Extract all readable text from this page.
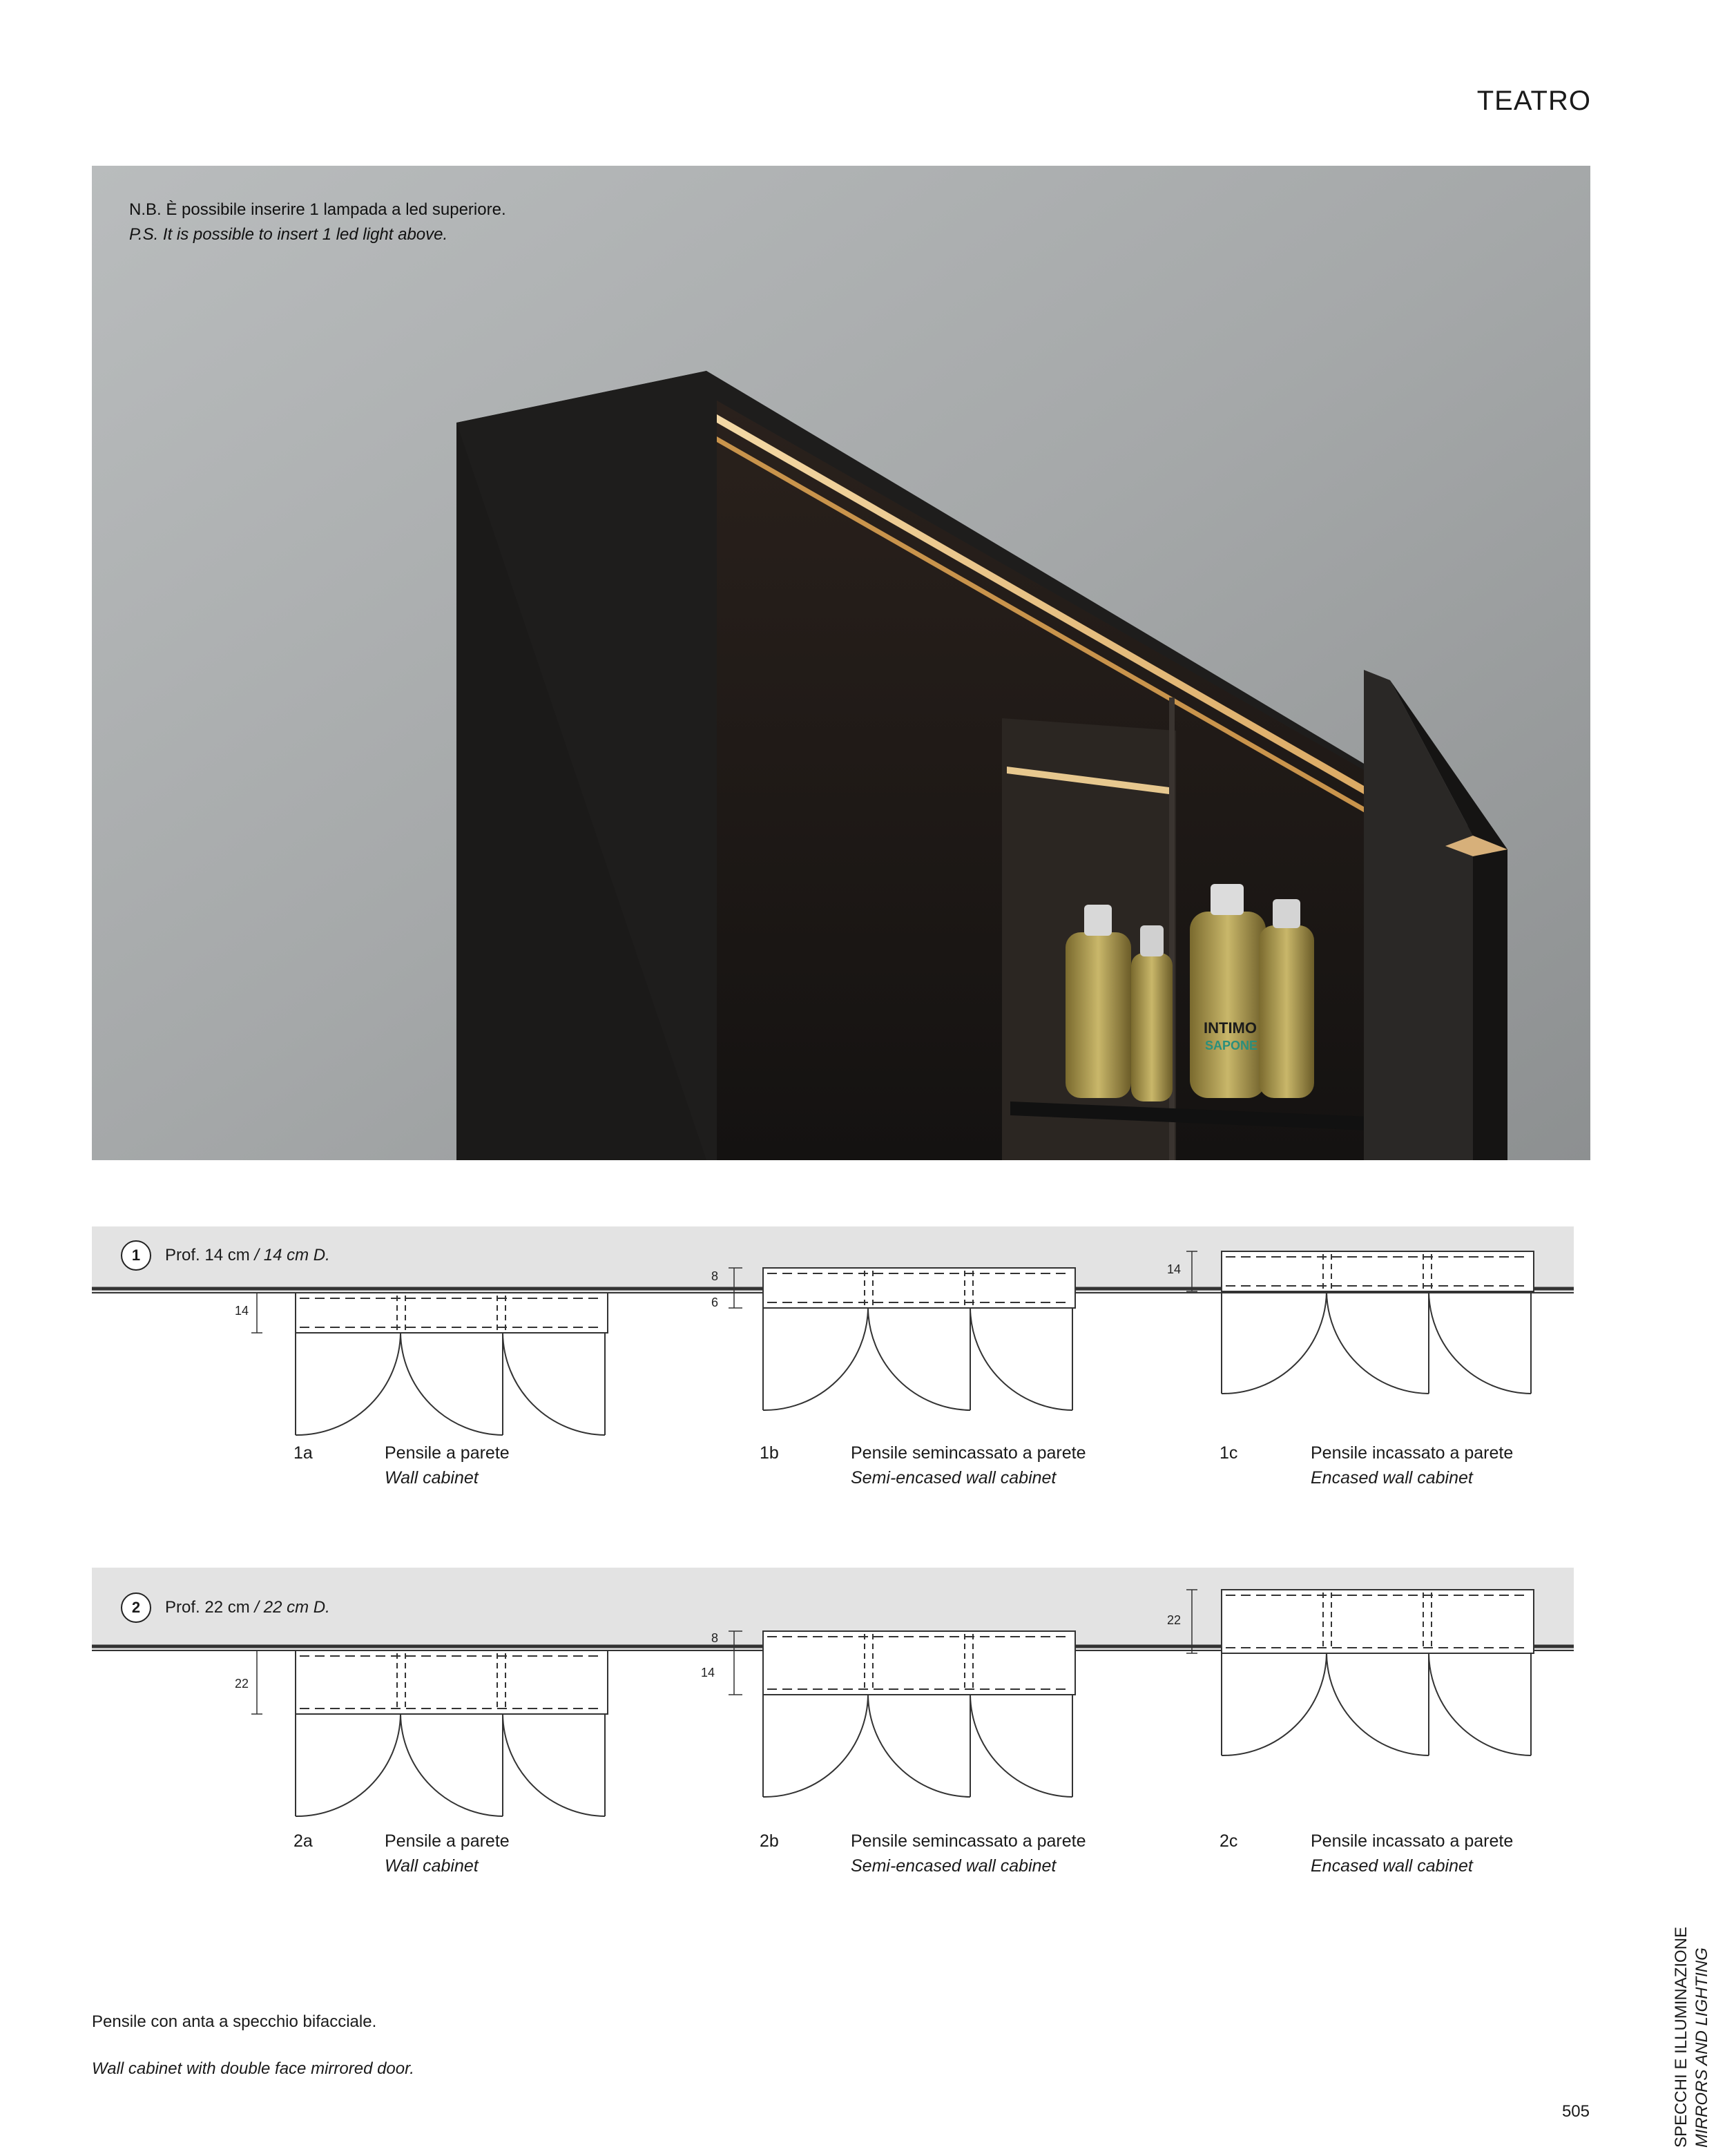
TEATRO
INTIMO
SAPONE
N.B. È possibile inserire 1 lampada a led superiore.
P.S. It is possible to insert 1 led light above.
1 Prof. 14 cm / 14 cm D.
2 Prof. 22 cm / 22 cm D.
14
8
6
14
22
8
14
22
1a	Pensile a parete
Wall cabinet
1b	Pensile semincassato a parete
Semi-encased wall cabinet
1c	Pensile incassato a parete
Encased wall cabinet
2a	Pensile a parete
Wall cabinet
2b	Pensile semincassato a parete
Semi-encased wall cabinet
2c	Pensile incassato a parete
Encased wall cabinet
Pensile con anta a specchio bifacciale.
Wall cabinet with double face mirrored door.	SPECCHI E ILLUMINAZIONE MIRRORS AND LIGHTING
505
